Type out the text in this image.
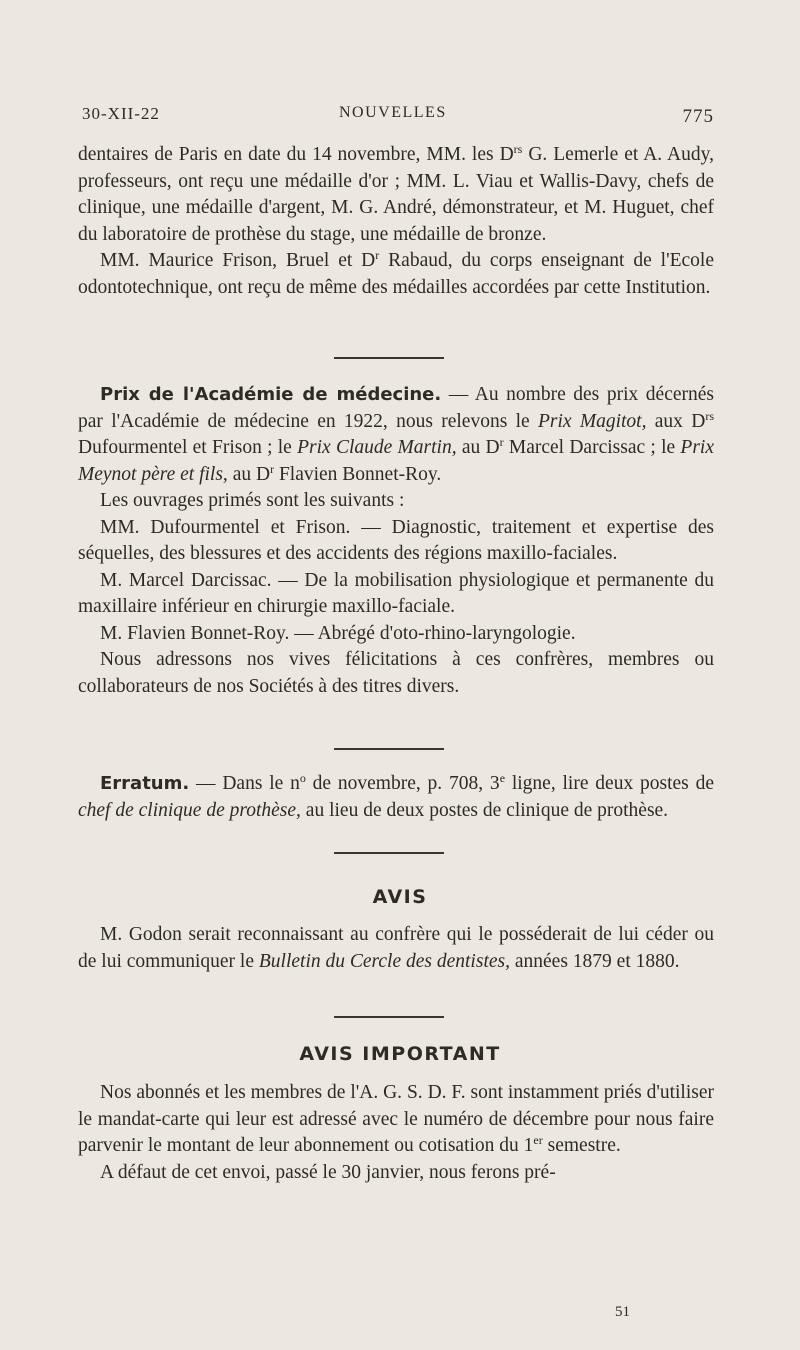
30-XII-22	NOUVELLES	775

dentaires de Paris en date du 14 novembre, MM. les $D^{rs}$ G. Lemerle et A. Audy, professeurs, ont reçu une médaille d'or ; MM. L. Viau et Wallis-Davy, chefs de clinique, une médaille d'argent, M. G. André, démonstrateur, et M. Huguet, chef du laboratoire de prothèse du stage, une médaille de bronze.

MM. Maurice Frison, Bruel et $D^r$ Rabaud, du corps enseignant de l'Ecole odontotechnique, ont reçu de même des médailles accordées par cette Institution.

Prix de l'Académie de médecine. — Au nombre des prix décernés par l'Académie de médecine en 1922, nous relevons le Prix Magitot, aux $D^{rs}$ Dufourmentel et Frison ; le Prix Claude Martin, au $D^r$ Marcel Darcissac ; le Prix Meynot père et fils, au $D^r$ Flavien Bonnet-Roy.

Les ouvrages primés sont les suivants :

MM. Dufourmentel et Frison. — Diagnostic, traitement et expertise des séquelles, des blessures et des accidents des régions maxillo-faciales.

M. Marcel Darcissac. — De la mobilisation physiologique et permanente du maxillaire inférieur en chirurgie maxillo-faciale.

M. Flavien Bonnet-Roy. — Abrégé d'oto-rhino-laryngologie.

Nous adressons nos vives félicitations à ces confrères, membres ou collaborateurs de nos Sociétés à des titres divers.

Erratum. — Dans le $n^o$ de novembre, p. 708, 3e ligne, lire deux postes de chef de clinique de prothèse, au lieu de deux postes de clinique de prothèse.

AVIS

M. Godon serait reconnaissant au confrère qui le posséderait de lui céder ou de lui communiquer le Bulletin du Cercle des dentistes, années 1879 et 1880.

AVIS IMPORTANT

Nos abonnés et les membres de l'A. G. S. D. F. sont instamment priés d'utiliser le mandat-carte qui leur est adressé avec le numéro de décembre pour nous faire parvenir le montant de leur abonnement ou cotisation du 1er semestre.

A défaut de cet envoi, passé le 30 janvier, nous ferons pré-

51
